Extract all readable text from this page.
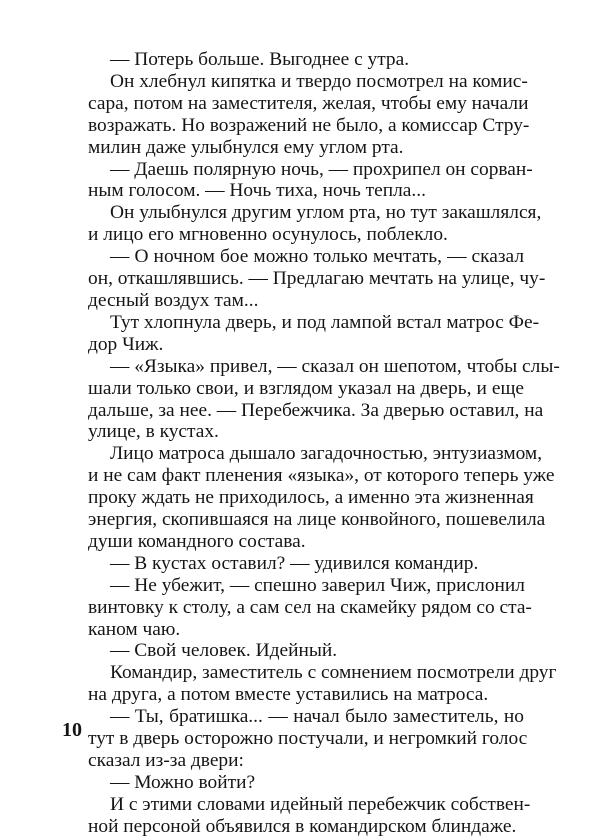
— Потерь больше. Выгоднее с утра.
Он хлебнул кипятка и твердо посмотрел на комис-
сара, потом на заместителя, желая, чтобы ему начали
возражать. Но возражений не было, а комиссар Стру-
милин даже улыбнулся ему углом рта.
— Даешь полярную ночь, — прохрипел он сорван-
ным голосом. — Ночь тиха, ночь тепла...
Он улыбнулся другим углом рта, но тут закашлялся,
и лицо его мгновенно осунулось, поблекло.
— О ночном бое можно только мечтать, — сказал
он, откашлявшись. — Предлагаю мечтать на улице, чу-
десный воздух там...
Тут хлопнула дверь, и под лампой встал матрос Фе-
дор Чиж.
— «Языка» привел, — сказал он шепотом, чтобы слы-
шали только свои, и взглядом указал на дверь, и еще
дальше, за нее. — Перебежчика. За дверью оставил, на
улице, в кустах.
Лицо матроса дышало загадочностью, энтузиазмом,
и не сам факт пленения «языка», от которого теперь уже
проку ждать не приходилось, а именно эта жизненная
энергия, скопившаяся на лице конвойного, пошевелила
души командного состава.
— В кустах оставил? — удивился командир.
— Не убежит, — спешно заверил Чиж, прислонил
винтовку к столу, а сам сел на скамейку рядом со ста-
каном чаю.
— Свой человек. Идейный.
Командир, заместитель с сомнением посмотрели друг
на друга, а потом вместе уставились на матроса.
— Ты, братишка... — начал было заместитель, но
тут в дверь осторожно постучали, и негромкий голос
сказал из-за двери:
— Можно войти?
И с этими словами идейный перебежчик собствен-
ной персоной объявился в командирском блиндаже.
10
